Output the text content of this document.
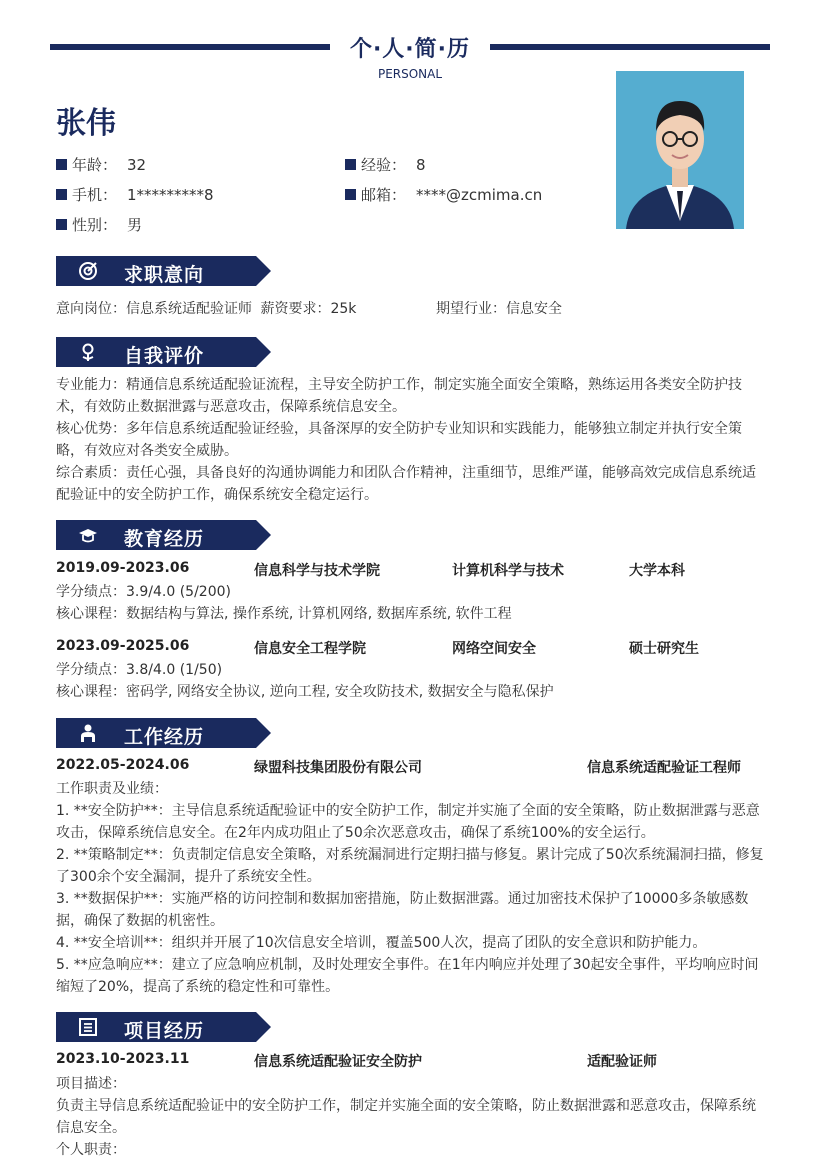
个·人·简·历
PERSONAL
张伟
年龄： 32	经验： 8
手机： 1*********8	邮箱： ****@zcmima.cn
性别： 男
求职意向
意向岗位：信息系统适配验证师 薪资要求：25k	期望行业：信息安全
自我评价
专业能力：精通信息系统适配验证流程，主导安全防护工作，制定实施全面安全策略，熟练运用各类安全防护技术，有效防止数据泄露与恶意攻击，保障系统信息安全。
核心优势：多年信息系统适配验证经验，具备深厚的安全防护专业知识和实践能力，能够独立制定并执行安全策略，有效应对各类安全威胁。
综合素质：责任心强，具备良好的沟通协调能力和团队合作精神，注重细节，思维严谨，能够高效完成信息系统适配验证中的安全防护工作，确保系统安全稳定运行。
教育经历
2019.09-2023.06	信息科学与技术学院	计算机科学与技术	大学本科
学分绩点：3.9/4.0 (5/200)
核心课程：数据结构与算法, 操作系统, 计算机网络, 数据库系统, 软件工程
2023.09-2025.06	信息安全工程学院	网络空间安全	硕士研究生
学分绩点：3.8/4.0 (1/50)
核心课程：密码学, 网络安全协议, 逆向工程, 安全攻防技术, 数据安全与隐私保护
工作经历
2022.05-2024.06	绿盟科技集团股份有限公司	信息系统适配验证工程师
工作职责及业绩：
1. **安全防护**：主导信息系统适配验证中的安全防护工作，制定并实施了全面的安全策略，防止数据泄露与恶意攻击，保障系统信息安全。在2年内成功阻止了50余次恶意攻击，确保了系统100%的安全运行。
2. **策略制定**：负责制定信息安全策略，对系统漏洞进行定期扫描与修复。累计完成了50次系统漏洞扫描，修复了300余个安全漏洞，提升了系统安全性。
3. **数据保护**：实施严格的访问控制和数据加密措施，防止数据泄露。通过加密技术保护了10000多条敏感数据，确保了数据的机密性。
4. **安全培训**：组织并开展了10次信息安全培训，覆盖500人次，提高了团队的安全意识和防护能力。
5. **应急响应**：建立了应急响应机制，及时处理安全事件。在1年内响应并处理了30起安全事件，平均响应时间缩短了20%，提高了系统的稳定性和可靠性。
项目经历
2023.10-2023.11	信息系统适配验证安全防护	适配验证师
项目描述：
负责主导信息系统适配验证中的安全防护工作，制定并实施全面的安全策略，防止数据泄露和恶意攻击，保障系统信息安全。
个人职责：
